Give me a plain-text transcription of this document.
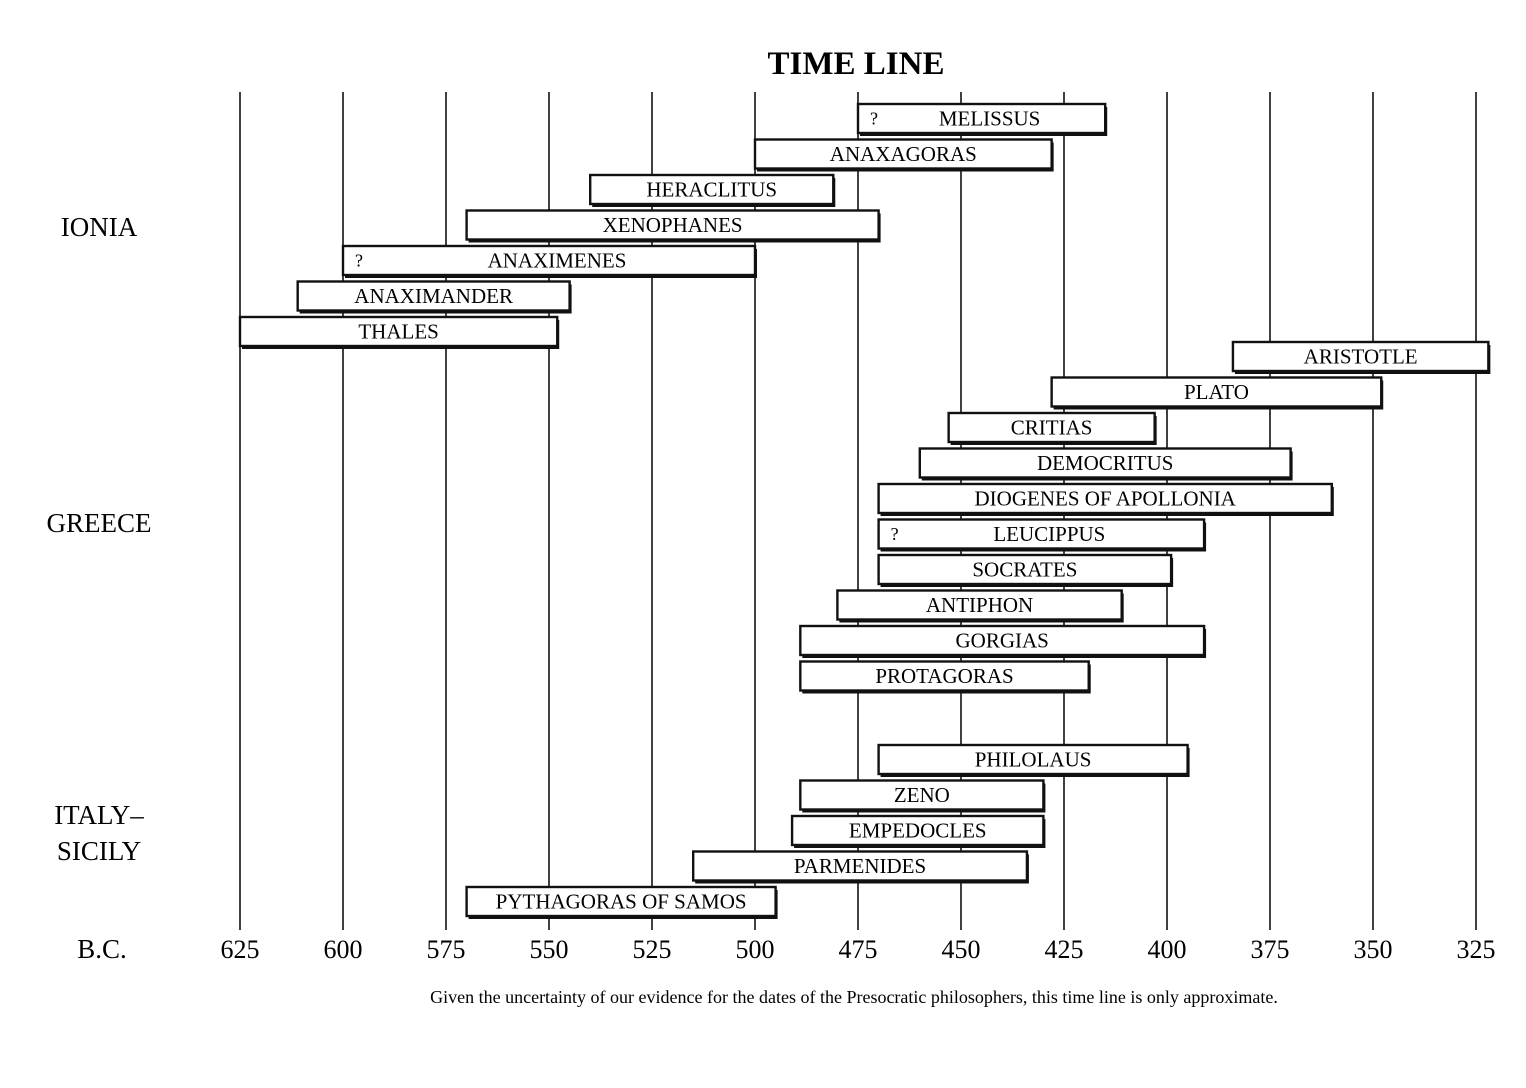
TIME LINE
MELISSUS
?
ANAXAGORAS
HERACLITUS
XENOPHANES
ANAXIMENES
?
ANAXIMANDER
THALES
ARISTOTLE
PLATO
CRITIAS
DEMOCRITUS
DIOGENES OF APOLLONIA
LEUCIPPUS
?
SOCRATES
ANTIPHON
GORGIAS
PROTAGORAS
PHILOLAUS
ZENO
EMPEDOCLES
PARMENIDES
PYTHAGORAS OF SAMOS
IONIA
GREECE
ITALY–
SICILY
625 600 575 550 525 500 475 450 425 400 375 350 325
B.C.
Given the uncertainty of our evidence for the dates of the Presocratic philosophers, this time line is only approximate.
